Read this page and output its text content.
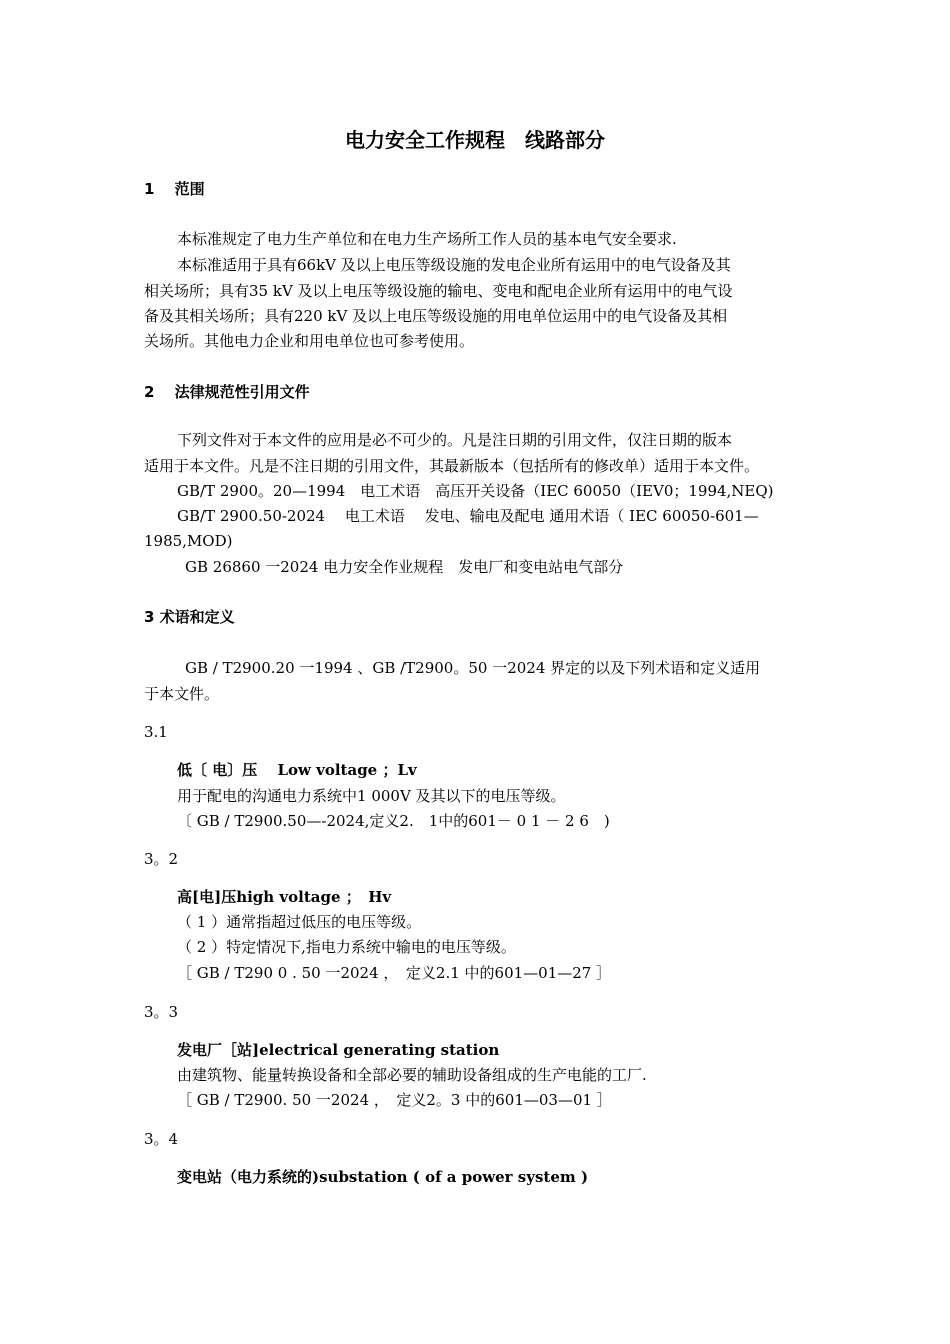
电力安全工作规程　线路部分
1　 范围
本标准规定了电力生产单位和在电力生产场所工作人员的基本电气安全要求.
本标准适用于具有66kV 及以上电压等级设施的发电企业所有运用中的电气设备及其
相关场所；具有35 kV 及以上电压等级设施的输电、变电和配电企业所有运用中的电气设
备及其相关场所；具有220 kV 及以上电压等级设施的用电单位运用中的电气设备及其相
关场所。其他电力企业和用电单位也可参考使用。
2　 法律规范性引用文件
下列文件对于本文件的应用是必不可少的。凡是注日期的引用文件，仅注日期的版本
适用于本文件。凡是不注日期的引用文件，其最新版本（包括所有的修改单）适用于本文件。
GB/T 2900。20—1994　电工术语　高压开关设备（IEC 60050（IEV0；1994,NEQ)
GB/T 2900.50-2024　 电工术语　 发电、输电及配电 通用术语（ IEC 60050-601—
1985,MOD)
GB 26860 一2024 电力安全作业规程　发电厂和变电站电气部分
3 术语和定义
GB / T2900.20 一1994 、GB /T2900。50 一2024 界定的以及下列术语和定义适用
于本文件。
3.1
低〔 电〕压　 Low voltage ；Lv
用于配电的沟通电力系统中1 000V 及其以下的电压等级。
〔 GB / T2900.50—-2024,定义2.　1中的601－ 0 1 － 2 6　)
3。2
高[电]压high voltage ；　Hv
（ 1 ）通常指超过低压的电压等级。
（ 2 ）特定情况下,指电力系统中输电的电压等级。
［ GB / T290 0 . 50 一2024 ，　定义2.1 中的601—01—27 ］
3。3
发电厂［站]electrical generating station
由建筑物、能量转换设备和全部必要的辅助设备组成的生产电能的工厂.
［ GB / T2900. 50 一2024 ，　定义2。3 中的601—03—01 ］
3。4
变电站（电力系统的)substation ( of a power system )
